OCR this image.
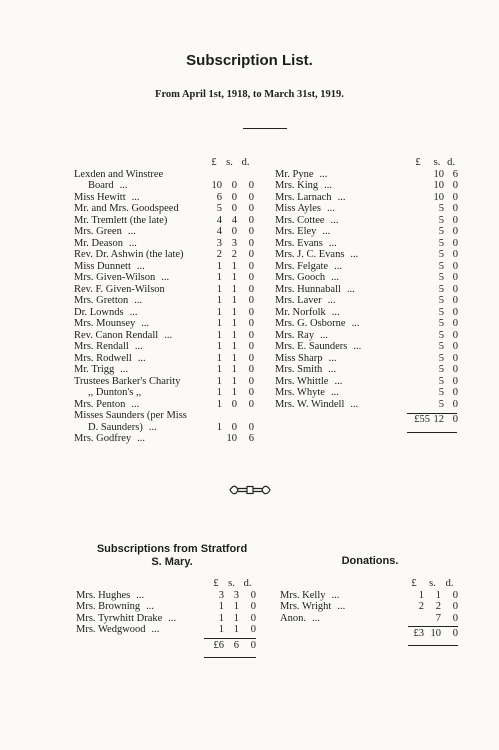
Subscription List.
From April 1st, 1918, to March 31st, 1919.
	£	s.	d.
Lexden and Winstree			
Board ...	10	0	0
Miss Hewitt ...	6	0	0
Mr. and Mrs. Goodspeed	5	0	0
Mr. Tremlett (the late)	4	4	0
Mrs. Green ...	4	0	0
Mr. Deason ...	3	3	0
Rev. Dr. Ashwin (the late)	2	2	0
Miss Dunnett ...	1	1	0
Mrs. Given-Wilson ...	1	1	0
Rev. F. Given-Wilson	1	1	0
Mrs. Gretton ...	1	1	0
Dr. Lownds ...	1	1	0
Mrs. Mounsey ...	1	1	0
Rev. Canon Rendall ...	1	1	0
Mrs. Rendall ...	1	1	0
Mrs. Rodwell ...	1	1	0
Mr. Trigg ...	1	1	0
Trustees Barker's Charity	1	1	0
,, Dunton's ,,	1	1	0
Mrs. Penton ...	1	0	0
Misses Saunders (per Miss			
D. Saunders) ...	1	0	0
Mrs. Godfrey ...		10	6
	£	s.	d.
Mr. Pyne ...		10	6
Mrs. King ...		10	0
Mrs. Larnach ...		10	0
Miss Ayles ...		5	0
Mrs. Cottee ...		5	0
Mrs. Eley ...		5	0
Mrs. Evans ...		5	0
Mrs. J. C. Evans ...		5	0
Mrs. Felgate ...		5	0
Mrs. Gooch ...		5	0
Mrs. Hunnaball ...		5	0
Mrs. Laver ...		5	0
Mr. Norfolk ...		5	0
Mrs. G. Osborne ...		5	0
Mrs. Ray ...		5	0
Mrs. E. Saunders ...		5	0
Miss Sharp ...		5	0
Mrs. Smith ...		5	0
Mrs. Whittle ...		5	0
Mrs. Whyte ...		5	0
Mrs. W. Windell ...		5	0
	£55	12	0
Subscriptions from Stratford
S. Mary.	Donations.
	£	s.	d.
Mrs. Hughes ...	3	3	0
Mrs. Browning ...	1	1	0
Mrs. Tyrwhitt Drake ...	1	1	0
Mrs. Wedgwood ...	1	1	0
	£6	6	0
	£	s.	d.
Mrs. Kelly ...	1	1	0
Mrs. Wright ...	2	2	0
Anon. ...		7	0
	£3	10	0
